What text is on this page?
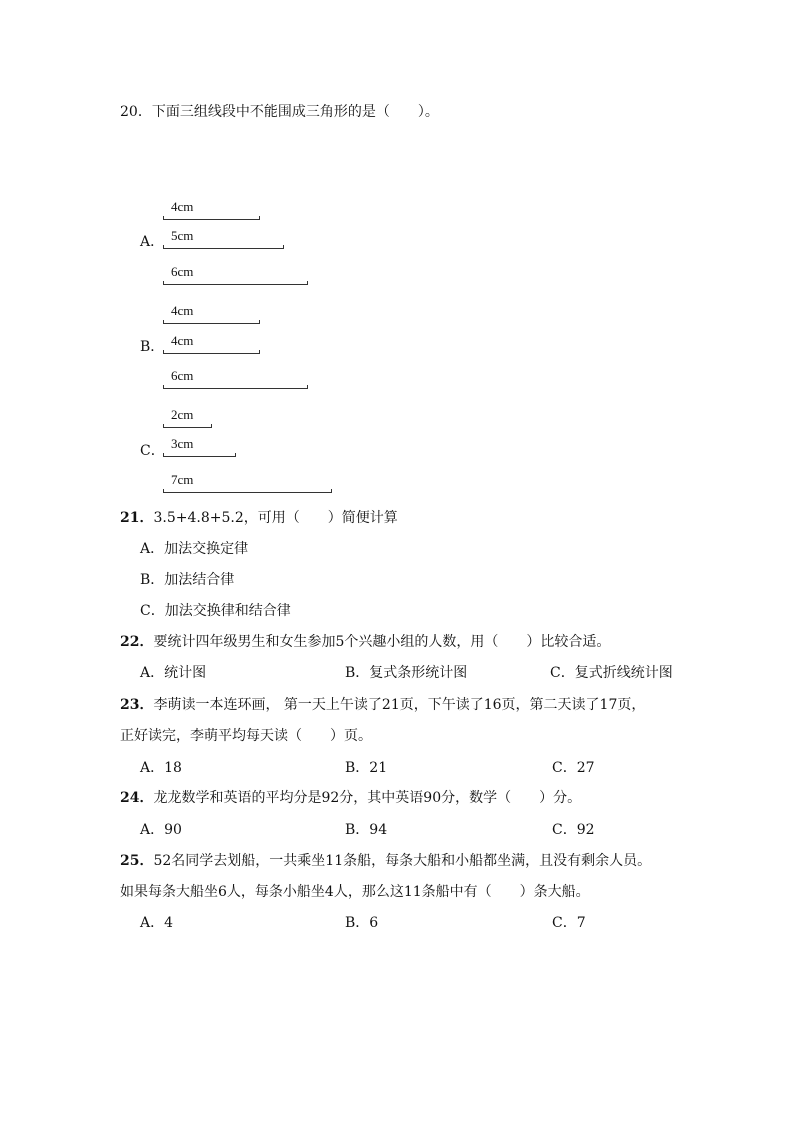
20．下面三组线段中不能围成三角形的是（　　）。
A．
4cm
5cm
6cm
B．
4cm
4cm
6cm
C．
2cm
3cm
7cm
21．3.5+4.8+5.2，可用（　　）简便计算
A．加法交换定律
B．加法结合律
C．加法交换律和结合律
22．要统计四年级男生和女生参加5个兴趣小组的人数，用（　　）比较合适。
A．统计图	B．复式条形统计图	C．复式折线统计图
23．李萌读一本连环画， 第一天上午读了21页，下午读了16页，第二天读了17页，
正好读完，李萌平均每天读（　　）页。
A．18	B．21	C．27
24．龙龙数学和英语的平均分是92分，其中英语90分，数学（　　）分。
A．90	B．94	C．92
25．52名同学去划船，一共乘坐11条船，每条大船和小船都坐满，且没有剩余人员。
如果每条大船坐6人，每条小船坐4人，那么这11条船中有（　　）条大船。
A．4	B．6	C．7
